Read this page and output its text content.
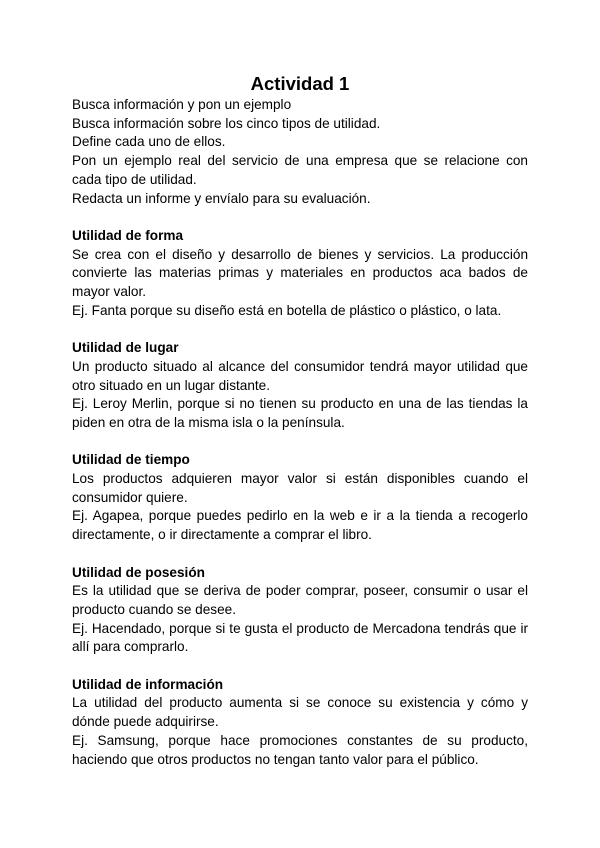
Actividad 1

Busca información y pon un ejemplo

Busca información sobre los cinco tipos de utilidad.

Define cada uno de ellos.

Pon un ejemplo real del servicio de una empresa que se relacione con cada tipo de utilidad.

Redacta un informe y envíalo para su evaluación.

Utilidad de forma

Se crea con el diseño y desarrollo de bienes y servicios. La producción convierte las materias primas y materiales en productos aca bados de mayor valor.

Ej. Fanta porque su diseño está en botella de plástico o plástico, o lata.

Utilidad de lugar

Un producto situado al alcance del consumidor tendrá mayor utilidad que otro situado en un lugar distante.

Ej. Leroy Merlin, porque si no tienen su producto en una de las tiendas la piden en otra de la misma isla o la península.

Utilidad de tiempo

Los productos adquieren mayor valor si están disponibles cuando el consumidor quiere.

Ej. Agapea, porque puedes pedirlo en la web e ir a la tienda a recogerlo directamente, o ir directamente a comprar el libro.

Utilidad de posesión

Es la utilidad que se deriva de poder comprar, poseer, consumir o usar el producto cuando se desee.

Ej. Hacendado, porque si te gusta el producto de Mercadona tendrás que ir allí para comprarlo.

Utilidad de información

La utilidad del producto aumenta si se conoce su existencia y cómo y dónde puede adquirirse.

Ej. Samsung, porque hace promociones constantes de su producto, haciendo que otros productos no tengan tanto valor para el público.
